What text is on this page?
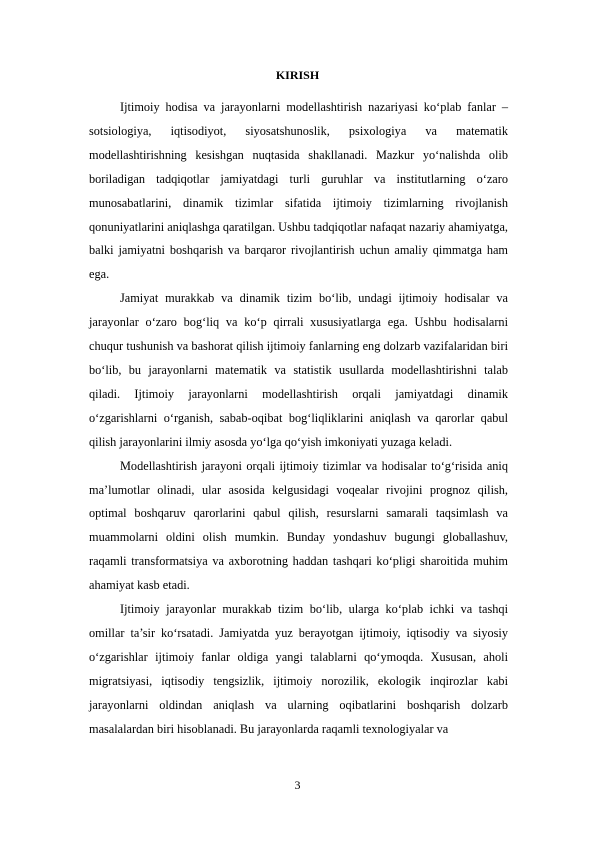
KIRISH

Ijtimoiy hodisa va jarayonlarni modellashtirish nazariyasi ko‘plab fanlar – sotsiologiya, iqtisodiyot, siyosatshunoslik, psixologiya va matematik modellashtirishning kesishgan nuqtasida shakllanadi. Mazkur yo‘nalishda olib boriladigan tadqiqotlar jamiyatdagi turli guruhlar va institutlarning o‘zaro munosabatlarini, dinamik tizimlar sifatida ijtimoiy tizimlarning rivojlanish qonuniyatlarini aniqlashga qaratilgan. Ushbu tadqiqotlar nafaqat nazariy ahamiyatga, balki jamiyatni boshqarish va barqaror rivojlantirish uchun amaliy qimmatga ham ega.

Jamiyat murakkab va dinamik tizim bo‘lib, undagi ijtimoiy hodisalar va jarayonlar o‘zaro bog‘liq va ko‘p qirrali xususiyatlarga ega. Ushbu hodisalarni chuqur tushunish va bashorat qilish ijtimoiy fanlarning eng dolzarb vazifalaridan biri bo‘lib, bu jarayonlarni matematik va statistik usullarda modellashtirishni talab qiladi. Ijtimoiy jarayonlarni modellashtirish orqali jamiyatdagi dinamik o‘zgarishlarni o‘rganish, sabab-oqibat bog‘liqliklarini aniqlash va qarorlar qabul qilish jarayonlarini ilmiy asosda yo‘lga qo‘yish imkoniyati yuzaga keladi.

Modellashtirish jarayoni orqali ijtimoiy tizimlar va hodisalar to‘g‘risida aniq ma’lumotlar olinadi, ular asosida kelgusidagi voqealar rivojini prognoz qilish, optimal boshqaruv qarorlarini qabul qilish, resurslarni samarali taqsimlash va muammolarni oldini olish mumkin. Bunday yondashuv bugungi globallashuv, raqamli transformatsiya va axborotning haddan tashqari ko‘pligi sharoitida muhim ahamiyat kasb etadi.

Ijtimoiy jarayonlar murakkab tizim bo‘lib, ularga ko‘plab ichki va tashqi omillar ta’sir ko‘rsatadi. Jamiyatda yuz berayotgan ijtimoiy, iqtisodiy va siyosiy o‘zgarishlar ijtimoiy fanlar oldiga yangi talablarni qo‘ymoqda. Xususan, aholi migratsiyasi, iqtisodiy tengsizlik, ijtimoiy norozilik, ekologik inqirozlar kabi jarayonlarni oldindan aniqlash va ularning oqibatlarini boshqarish dolzarb masalalardan biri hisoblanadi. Bu jarayonlarda raqamli texnologiyalar va

3
